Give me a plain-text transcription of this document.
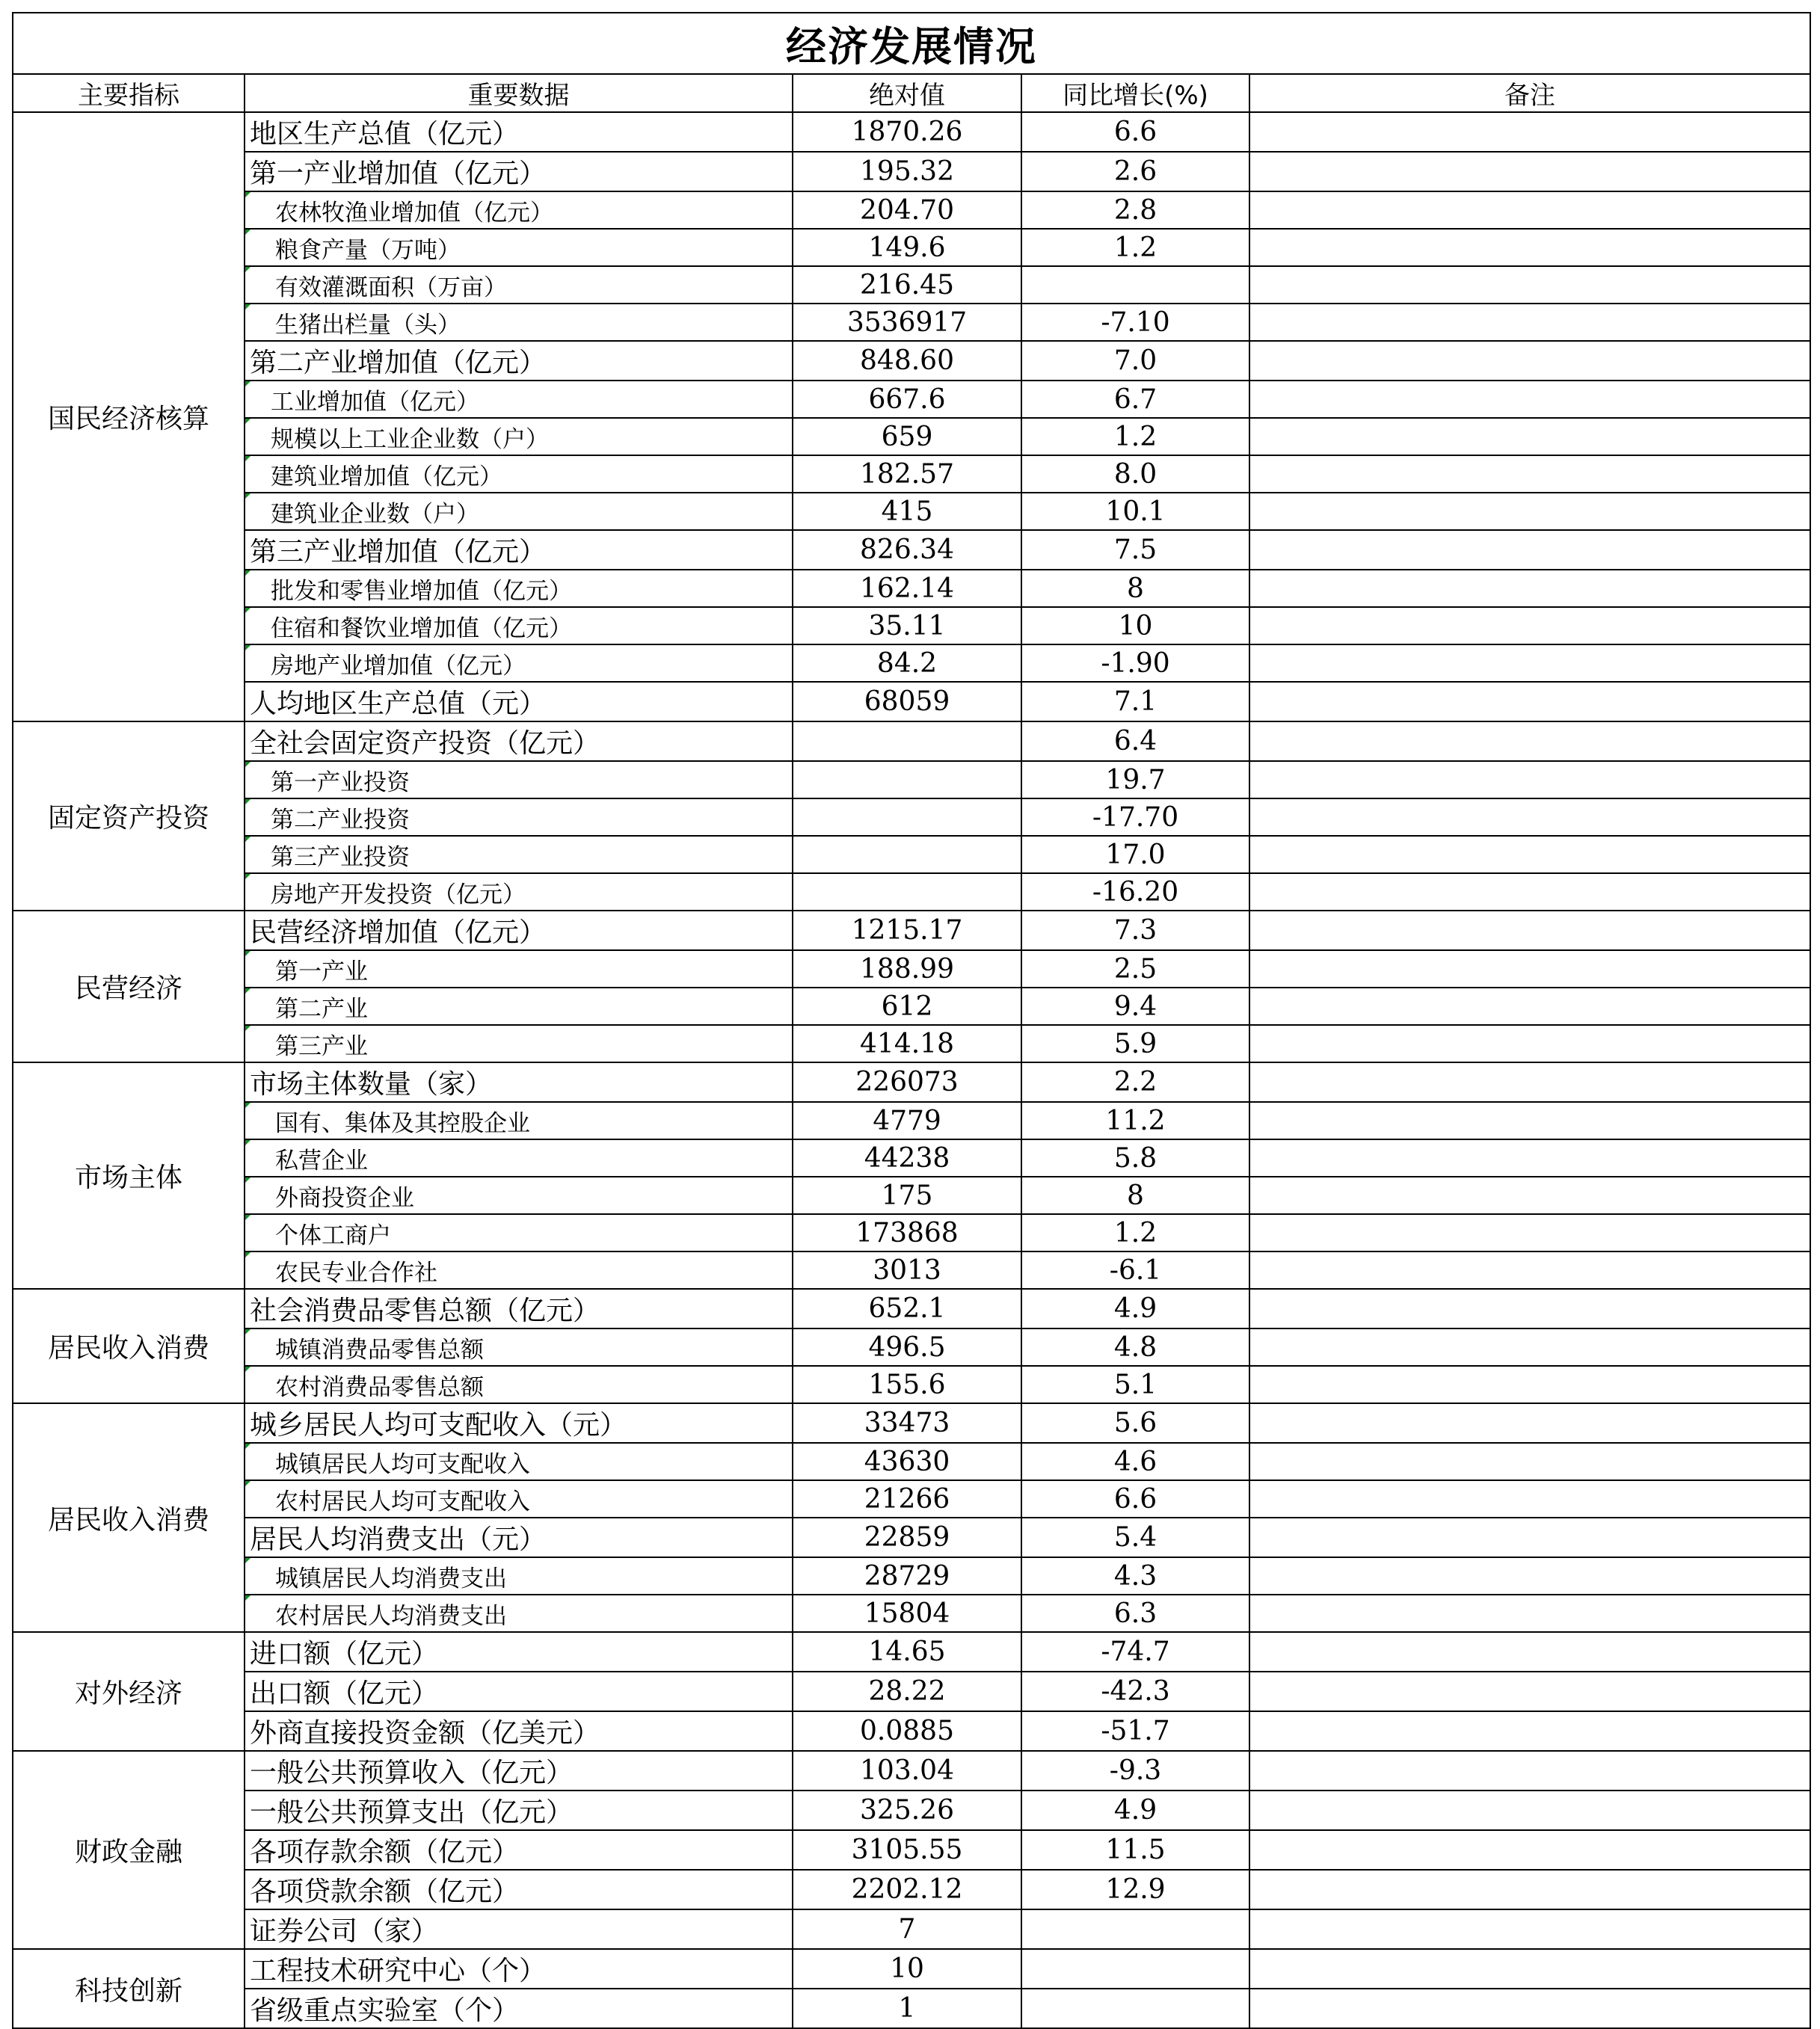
经济发展情况				
主要指标	重要数据	绝对值	同比增长(%)	备注
国民经济核算	地区生产总值（亿元）	1870.26	6.6	
	第一产业增加值（亿元）	195.32	2.6	
	农林牧渔业增加值（亿元）	204.70	2.8	
	粮食产量（万吨）	149.6	1.2	
	有效灌溉面积（万亩）	216.45		
	生猪出栏量（头）	3536917	-7.10	
	第二产业增加值（亿元）	848.60	7.0	
	工业增加值（亿元）	667.6	6.7	
	规模以上工业企业数（户）	659	1.2	
	建筑业增加值（亿元）	182.57	8.0	
	建筑业企业数（户）	415	10.1	
	第三产业增加值（亿元）	826.34	7.5	
	批发和零售业增加值（亿元）	162.14	8	
	住宿和餐饮业增加值（亿元）	35.11	10	
	房地产业增加值（亿元）	84.2	-1.90	
	人均地区生产总值（元）	68059	7.1	
固定资产投资	全社会固定资产投资（亿元）		6.4	
	第一产业投资		19.7	
	第二产业投资		-17.70	
	第三产业投资		17.0	
	房地产开发投资（亿元）		-16.20	
民营经济	民营经济增加值（亿元）	1215.17	7.3	
	第一产业	188.99	2.5	
	第二产业	612	9.4	
	第三产业	414.18	5.9	
市场主体	市场主体数量（家）	226073	2.2	
	国有、集体及其控股企业	4779	11.2	
	私营企业	44238	5.8	
	外商投资企业	175	8	
	个体工商户	173868	1.2	
	农民专业合作社	3013	-6.1	
居民收入消费	社会消费品零售总额（亿元）	652.1	4.9	
	城镇消费品零售总额	496.5	4.8	
	农村消费品零售总额	155.6	5.1	
居民收入消费	城乡居民人均可支配收入（元）	33473	5.6	
	城镇居民人均可支配收入	43630	4.6	
	农村居民人均可支配收入	21266	6.6	
	居民人均消费支出（元）	22859	5.4	
	城镇居民人均消费支出	28729	4.3	
	农村居民人均消费支出	15804	6.3	
对外经济	进口额（亿元）	14.65	-74.7	
	出口额（亿元）	28.22	-42.3	
	外商直接投资金额（亿美元）	0.0885	-51.7	
财政金融	一般公共预算收入（亿元）	103.04	-9.3	
	一般公共预算支出（亿元）	325.26	4.9	
	各项存款余额（亿元）	3105.55	11.5	
	各项贷款余额（亿元）	2202.12	12.9	
	证券公司（家）	7		
科技创新	工程技术研究中心（个）	10		
	省级重点实验室（个）	1		
